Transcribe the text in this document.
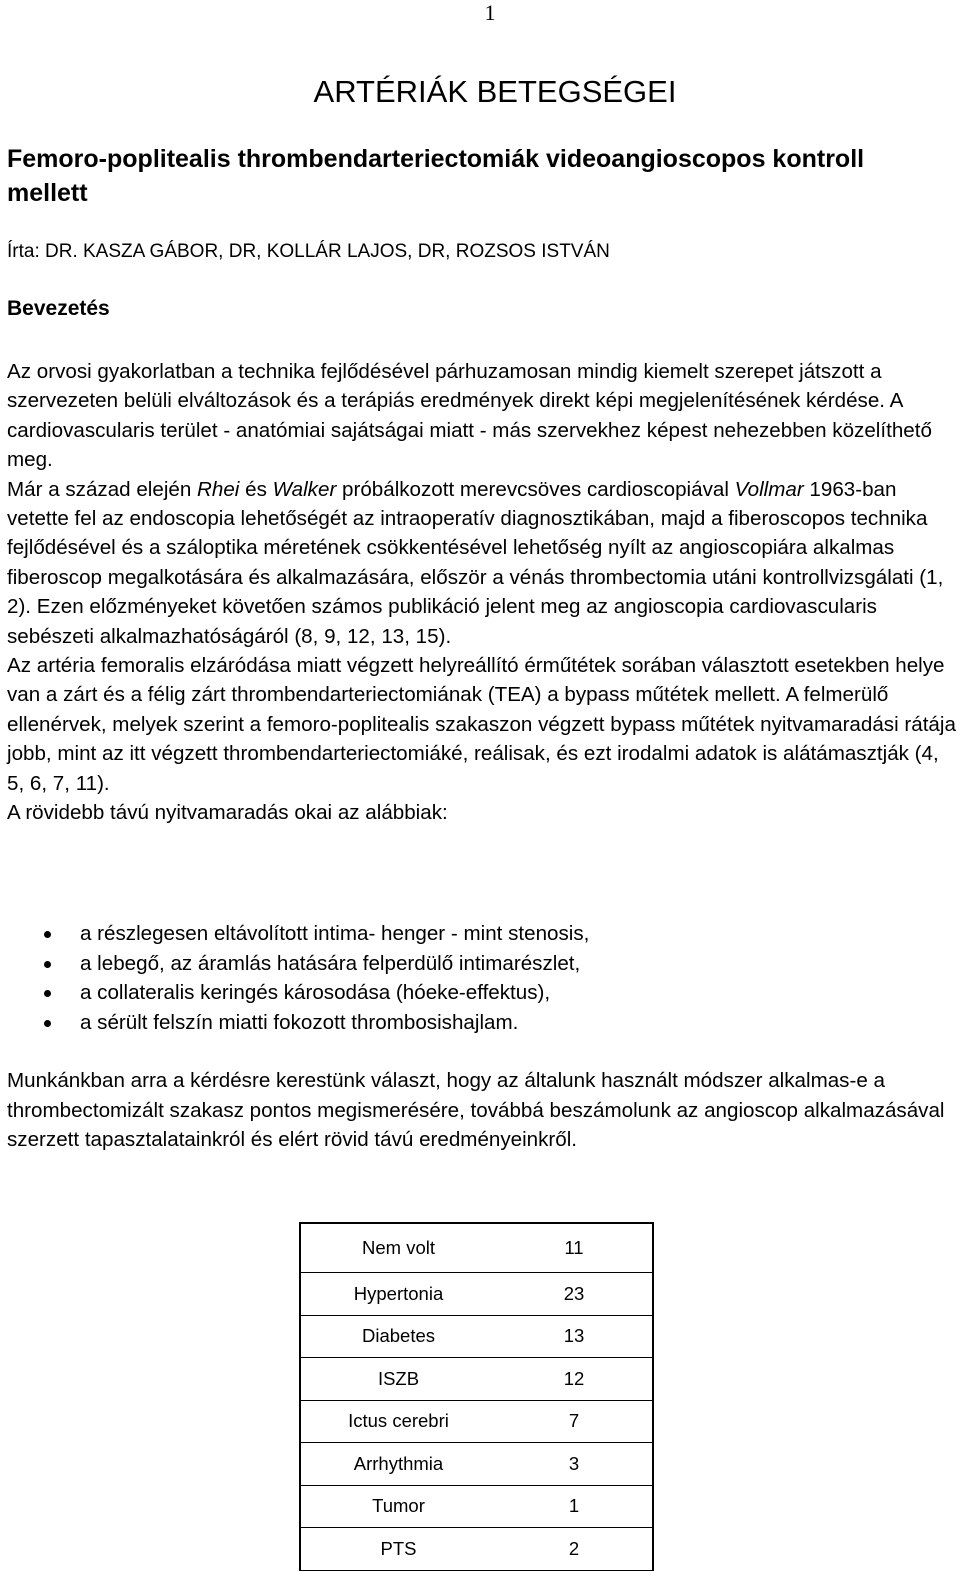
1
ARTÉRIÁK BETEGSÉGEI
Femoro-poplitealis thrombendarteriectomiák videoangioscopos kontroll mellett

Írta: DR. KASZA GÁBOR, DR, KOLLÁR LAJOS, DR, ROZSOS ISTVÁN

Bevezetés

Az orvosi gyakorlatban a technika fejlődésével párhuzamosan mindig kiemelt szerepet játszott a szervezeten belüli elváltozások és a terápiás eredmények direkt képi megjelenítésének kérdése. A cardiovascularis terület - anatómiai sajátságai miatt - más szervekhez képest nehezebben közelíthető meg.

Már a század elején Rhei és Walker próbálkozott merevcsöves cardioscopiával Vollmar 1963-ban vetette fel az endoscopia lehetőségét az intraoperatív diagnosztikában, majd a fiberoscopos technika fejlődésével és a száloptika méretének csökkentésével lehetőség nyílt az angioscopiára alkalmas fiberoscop megalkotására és alkalmazására, először a vénás thrombectomia utáni kontrollvizsgálati (1, 2). Ezen előzményeket követően számos publikáció jelent meg az angioscopia cardiovascularis sebészeti alkalmazhatóságáról (8, 9, 12, 13, 15).

Az artéria femoralis elzáródása miatt végzett helyreállító érműtétek sorában választott esetekben helye van a zárt és a félig zárt thrombendarteriectomiának (TEA) a bypass műtétek mellett. A felmerülő ellenérvek, melyek szerint a femoro-poplitealis szakaszon végzett bypass műtétek nyitvamaradási rátája jobb, mint az itt végzett thrombendarteriectomiáké, reálisak, és ezt irodalmi adatok is alátámasztják (4, 5, 6, 7, 11).

A rövidebb távú nyitvamaradás okai az alábbiak:

a részlegesen eltávolított intima- henger - mint stenosis,
a lebegő, az áramlás hatására felperdülő intimarészlet,
a collateralis keringés károsodása (hóeke-effektus),
a sérült felszín miatti fokozott thrombosishajlam.

Munkánkban arra a kérdésre kerestünk választ, hogy az általunk használt módszer alkalmas-e a thrombectomizált szakasz pontos megismerésére, továbbá beszámolunk az angioscop alkalmazásával szerzett tapasztalatainkról és elért rövid távú eredményeinkről.

Nem volt	11
Hypertonia	23
Diabetes	13
ISZB	12
Ictus cerebri	7
Arrhythmia	3
Tumor	1
PTS	2
